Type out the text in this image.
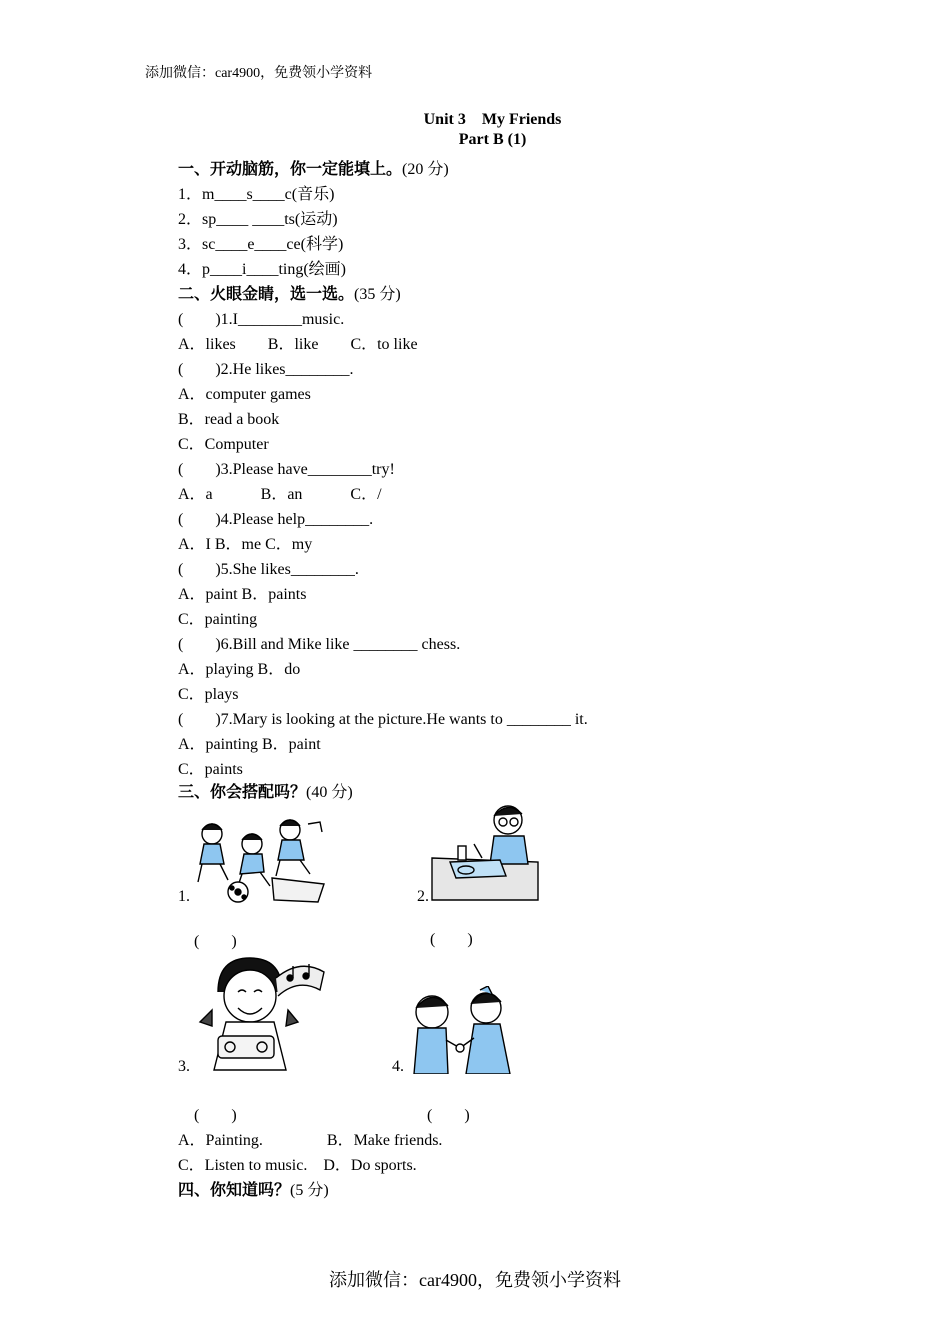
添加微信：car4900，免费领小学资料
Unit 3　My Friends
Part B (1)
一、开动脑筋，你一定能填上。(20 分)
1．m____s____c(音乐)
2．sp____ ____ts(运动)
3．sc____e____ce(科学)
4．p____i____ting(绘画)
二、火眼金睛，选一选。(35 分)
(　　)1.I________music.
A．likes　　B．like　　C．to like
(　　)2.He likes________.
A．computer games
B．read a book
C．Computer
(　　)3.Please have________try!
A．a　　　B．an　　　C．/
(　　)4.Please help________.
A．I B．me C．my
(　　)5.She likes________.
A．paint B．paints
C．painting
(　　)6.Bill and Mike like ________ chess.
A．playing B．do
C．plays
(　　)7.Mary is looking at the picture.He wants to ________ it.
A．painting B．paint
C．paints
三、你会搭配吗？(40 分)
1.	2.
(　　)	(　　)
3.	4.
(　　)	(　　)
A．Painting.　　　　B．Make friends.
C．Listen to music.　D．Do sports.
四、你知道吗？(5 分)
添加微信：car4900，免费领小学资料
